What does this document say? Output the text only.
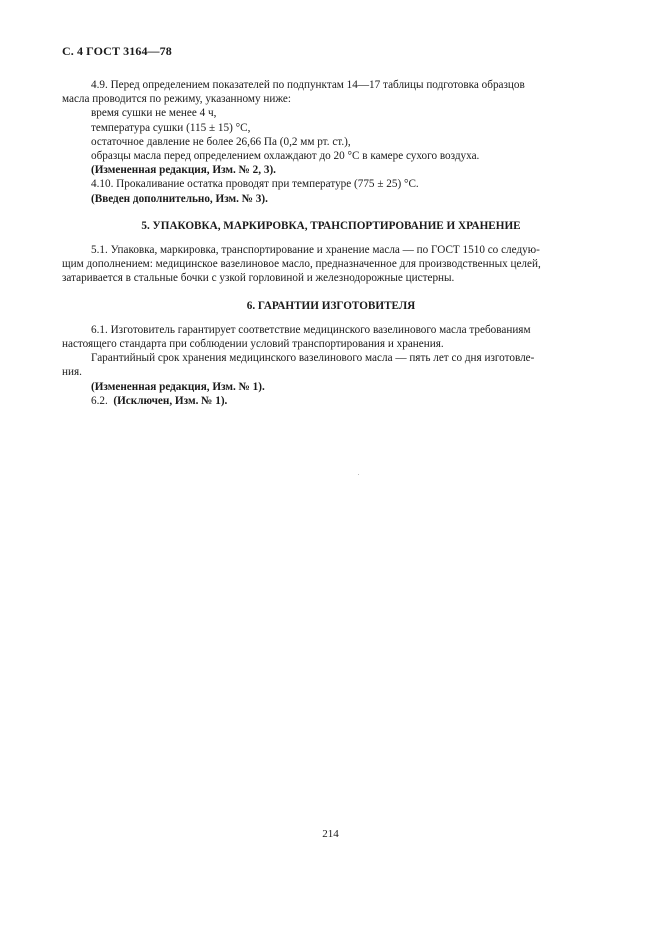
С. 4 ГОСТ 3164—78

4.9. Перед определением показателей по подпунктам 14—17 таблицы подготовка образцов

масла проводится по режиму, указанному ниже:

время сушки не менее 4 ч,

температура сушки (115 ± 15) °С,

остаточное давление не более 26,66 Па (0,2 мм рт. ст.),

образцы масла перед определением охлаждают до 20 °С в камере сухого воздуха.

(Измененная редакция, Изм. № 2, 3).

4.10. Прокаливание остатка проводят при температуре (775 ± 25) °С.

(Введен дополнительно, Изм. № 3).

5. УПАКОВКА, МАРКИРОВКА, ТРАНСПОРТИРОВАНИЕ И ХРАНЕНИЕ

5.1. Упаковка, маркировка, транспортирование и хранение масла — по ГОСТ 1510 со следую-

щим дополнением: медицинское вазелиновое масло, предназначенное для производственных целей,

затаривается в стальные бочки с узкой горловиной и железнодорожные цистерны.

6. ГАРАНТИИ ИЗГОТОВИТЕЛЯ

6.1. Изготовитель гарантирует соответствие медицинского вазелинового масла требованиям

настоящего стандарта при соблюдении условий транспортирования и хранения.

Гарантийный срок хранения медицинского вазелинового масла — пять лет со дня изготовле-

ния.

(Измененная редакция, Изм. № 1).

6.2. (Исключен, Изм. № 1).

214
